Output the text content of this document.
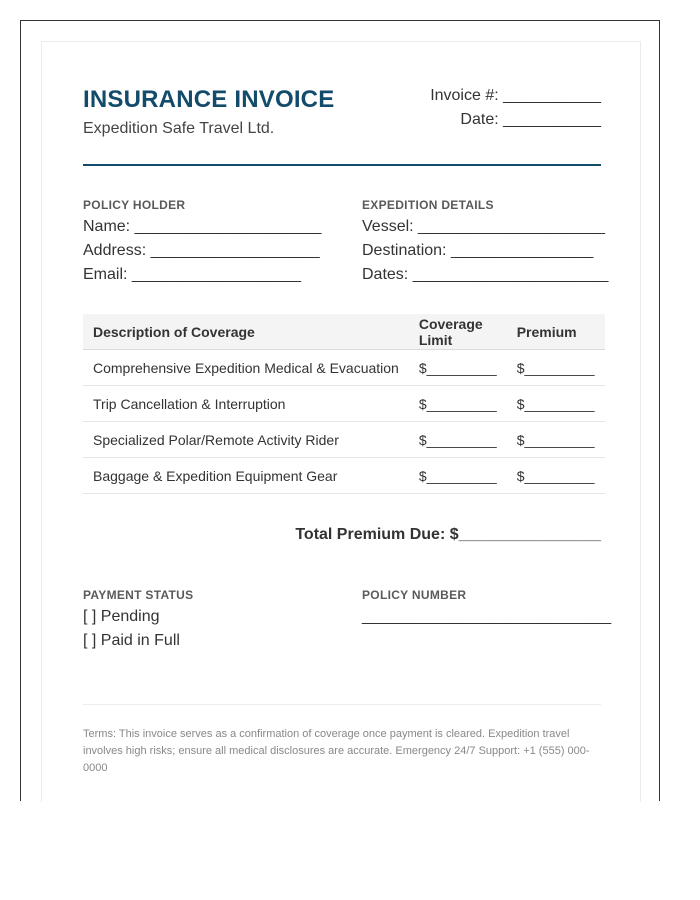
INSURANCE INVOICE
Expedition Safe Travel Ltd.
Invoice #: ___________
Date: ___________
POLICY HOLDER
Name: _____________________
Address: ___________________
Email: ___________________
EXPEDITION DETAILS
Vessel: _____________________
Destination: ________________
Dates: ______________________
Description of Coverage	Coverage Limit	Premium
Comprehensive Expedition Medical & Evacuation	$_________	$_________
Trip Cancellation & Interruption	$_________	$_________
Specialized Polar/Remote Activity Rider	$_________	$_________
Baggage & Expedition Equipment Gear	$_________	$_________
Total Premium Due: $________________
PAYMENT STATUS
[ ] Pending
[ ] Paid in Full
POLICY NUMBER
____________________________
Terms: This invoice serves as a confirmation of coverage once payment is cleared. Expedition travel involves high risks; ensure all medical disclosures are accurate. Emergency 24/7 Support: +1 (555) 000-0000
